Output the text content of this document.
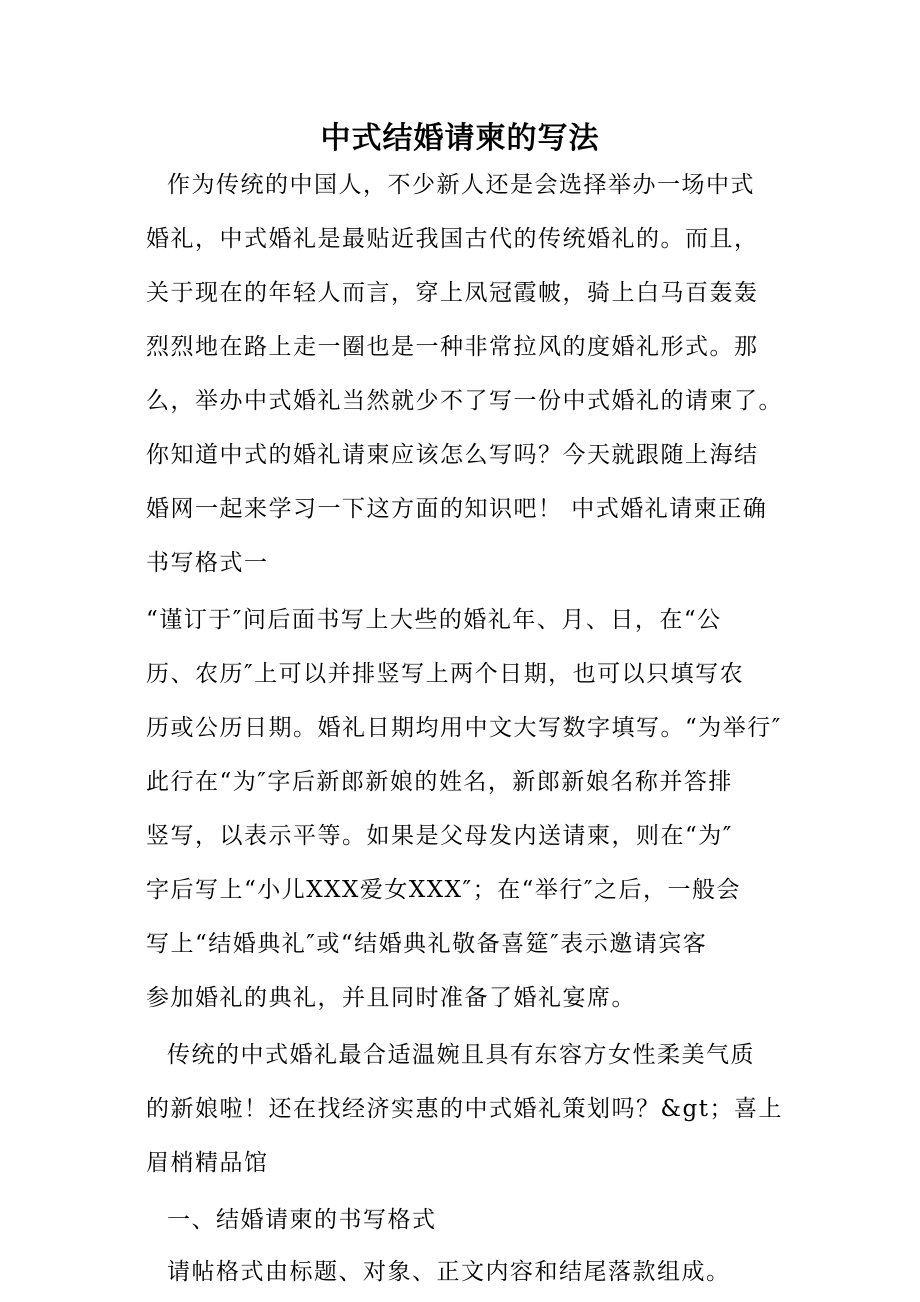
中式结婚请柬的写法
作为传统的中国人，不少新人还是会选择举办一场中式
婚礼，中式婚礼是最贴近我国古代的传统婚礼的。而且，
关于现在的年轻人而言，穿上凤冠霞帔，骑上白马百轰轰
烈烈地在路上走一圈也是一种非常拉风的度婚礼形式。那
么，举办中式婚礼当然就少不了写一份中式婚礼的请柬了。
你知道中式的婚礼请柬应该怎么写吗？今天就跟随上海结
婚网一起来学习一下这方面的知识吧！ 中式婚礼请柬正确
书写格式一
“谨订于″问后面书写上大些的婚礼年、月、日，在“公
历、农历″上可以并排竖写上两个日期，也可以只填写农
历或公历日期。婚礼日期均用中文大写数字填写。“为举行″
此行在“为″字后新郎新娘的姓名，新郎新娘名称并答排
竖写，以表示平等。如果是父母发内送请柬，则在“为″
字后写上“小儿XXX爱女XXX″；在“举行″之后，一般会
写上“结婚典礼″或“结婚典礼敬备喜筵″表示邀请宾客
参加婚礼的典礼，并且同时准备了婚礼宴席。
传统的中式婚礼最合适温婉且具有东容方女性柔美气质
的新娘啦！还在找经济实惠的中式婚礼策划吗？&gt；喜上
眉梢精品馆
一、结婚请柬的书写格式
请帖格式由标题、对象、正文内容和结尾落款组成。
